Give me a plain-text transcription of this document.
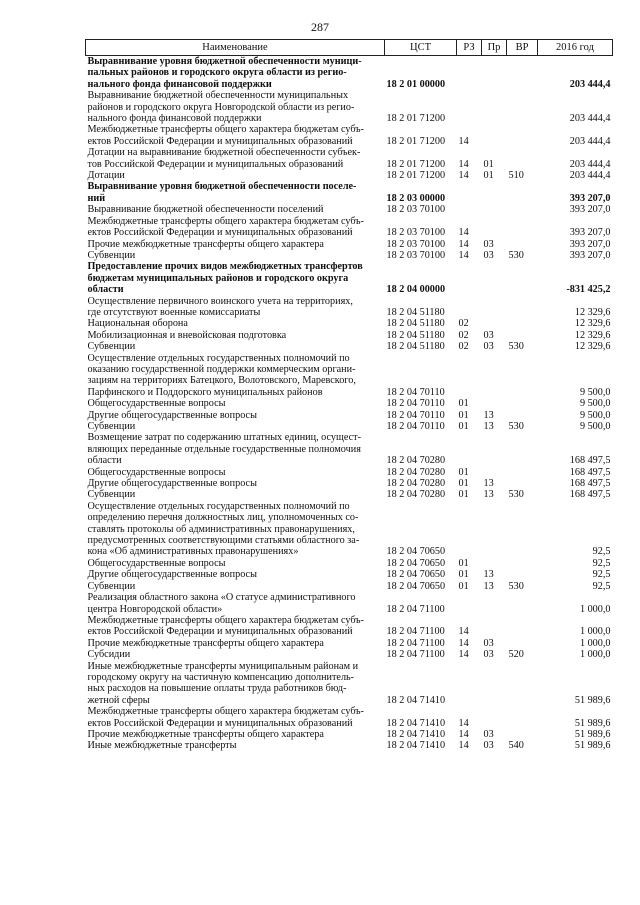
287
Наименование	ЦСТ	РЗ	Пр	ВР	2016 год
Выравнивание уровня бюджетной обеспеченности муници-
пальных районов и городского округа области из регио-
нального фонда финансовой поддержки	18 2 01 00000				203 444,4
Выравнивание бюджетной обеспеченности муниципальных
районов и городского округа Новгородской области из регио-
нального фонда финансовой поддержки	18 2 01 71200				203 444,4
Межбюджетные трансферты общего характера бюджетам субъ-
ектов Российской Федерации и муниципальных образований	18 2 01 71200	14			203 444,4
Дотации на выравнивание бюджетной обеспеченности субъек-
тов Российской Федерации и муниципальных образований	18 2 01 71200	14	01		203 444,4
Дотации	18 2 01 71200	14	01	510	203 444,4
Выравнивание уровня бюджетной обеспеченности поселе-
ний	18 2 03 00000				393 207,0
Выравнивание бюджетной обеспеченности поселений	18 2 03 70100				393 207,0
Межбюджетные трансферты общего характера бюджетам субъ-
ектов Российской Федерации и муниципальных образований	18 2 03 70100	14			393 207,0
Прочие межбюджетные трансферты общего характера	18 2 03 70100	14	03		393 207,0
Субвенции	18 2 03 70100	14	03	530	393 207,0
Предоставление прочих видов межбюджетных трансфертов
бюджетам муниципальных районов и городского округа
области	18 2 04 00000				-831 425,2
Осуществление первичного воинского учета на территориях,
где отсутствуют военные комиссариаты	18 2 04 51180				12 329,6
Национальная оборона	18 2 04 51180	02			12 329,6
Мобилизационная и вневойсковая подготовка	18 2 04 51180	02	03		12 329,6
Субвенции	18 2 04 51180	02	03	530	12 329,6
Осуществление отдельных государственных полномочий по
оказанию государственной поддержки коммерческим органи-
зациям на территориях Батецкого, Волотовского, Маревского,
Парфинского и Поддорского муниципальных районов	18 2 04 70110				9 500,0
Общегосударственные вопросы	18 2 04 70110	01			9 500,0
Другие общегосударственные вопросы	18 2 04 70110	01	13		9 500,0
Субвенции	18 2 04 70110	01	13	530	9 500,0
Возмещение затрат по содержанию штатных единиц, осущест-
вляющих переданные отдельные государственные полномочия
области	18 2 04 70280				168 497,5
Общегосударственные вопросы	18 2 04 70280	01			168 497,5
Другие общегосударственные вопросы	18 2 04 70280	01	13		168 497,5
Субвенции	18 2 04 70280	01	13	530	168 497,5
Осуществление отдельных государственных полномочий по
определению перечня должностных лиц, уполномоченных со-
ставлять протоколы об административных правонарушениях,
предусмотренных соответствующими статьями областного за-
кона «Об административных правонарушениях»	18 2 04 70650				92,5
Общегосударственные вопросы	18 2 04 70650	01			92,5
Другие общегосударственные вопросы	18 2 04 70650	01	13		92,5
Субвенции	18 2 04 70650	01	13	530	92,5
Реализация областного закона «О статусе административного
центра Новгородской области»	18 2 04 71100				1 000,0
Межбюджетные трансферты общего характера бюджетам субъ-
ектов Российской Федерации и муниципальных образований	18 2 04 71100	14			1 000,0
Прочие межбюджетные трансферты общего характера	18 2 04 71100	14	03		1 000,0
Субсидии	18 2 04 71100	14	03	520	1 000,0
Иные межбюджетные трансферты муниципальным районам и
городскому округу на частичную компенсацию дополнитель-
ных расходов на повышение оплаты труда работников бюд-
жетной сферы	18 2 04 71410				51 989,6
Межбюджетные трансферты общего характера бюджетам субъ-
ектов Российской Федерации и муниципальных образований	18 2 04 71410	14			51 989,6
Прочие межбюджетные трансферты общего характера	18 2 04 71410	14	03		51 989,6
Иные межбюджетные трансферты	18 2 04 71410	14	03	540	51 989,6
